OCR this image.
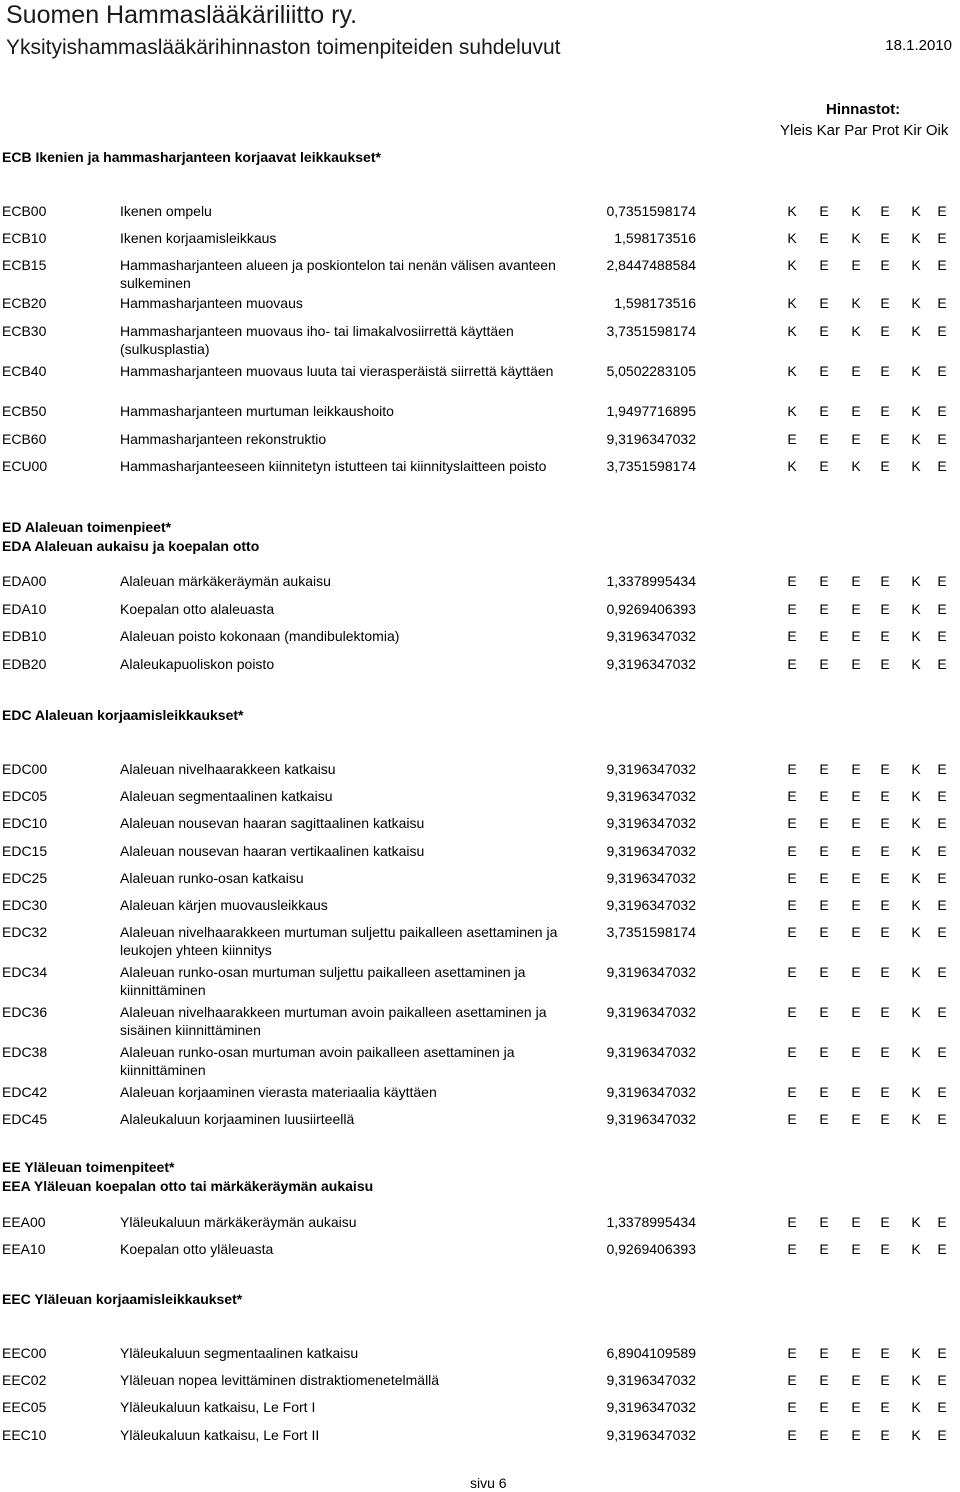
Suomen Hammaslääkäriliitto ry.
Yksityishammaslääkärihinnaston toimenpiteiden suhdeluvut	18.1.2010
Hinnastot:
Yleis Kar Par Prot Kir Oik
ECB Ikenien ja hammasharjanteen korjaavat leikkaukset*
ED Alaleuan toimenpieet*
EDA Alaleuan aukaisu ja koepalan otto
EDC Alaleuan korjaamisleikkaukset*
EE Yläleuan toimenpiteet*
EEA Yläleuan koepalan otto tai märkäkeräymän aukaisu
EEC Yläleuan korjaamisleikkaukset*
ECB00	Ikenen ompelu	0,7351598174	K E K E K E
ECB10	Ikenen korjaamisleikkaus	1,598173516	K E K E K E
ECB15	Hammasharjanteen alueen ja poskiontelon tai nenän välisen avanteen sulkeminen
2,8447488584	K E E E K E
ECB20	Hammasharjanteen muovaus	1,598173516	K E K E K E
ECB30	Hammasharjanteen muovaus iho- tai limakalvosiirrettä käyttäen (sulkusplastia)
3,7351598174	K E K E K E
ECB40	Hammasharjanteen muovaus luuta tai vierasperäistä siirrettä käyttäen	5,0502283105	K E E E K E
ECB50	Hammasharjanteen murtuman leikkaushoito	1,9497716895	K E E E K E
ECB60	Hammasharjanteen rekonstruktio	9,3196347032	E E E E K E
ECU00	Hammasharjanteeseen kiinnitetyn istutteen tai kiinnityslaitteen poisto	3,7351598174	K E K E K E
EDA00	Alaleuan märkäkeräymän aukaisu	1,3378995434	E E E E K E
EDA10	Koepalan otto alaleuasta	0,9269406393	E E E E K E
EDB10	Alaleuan poisto kokonaan (mandibulektomia)	9,3196347032	E E E E K E
EDB20	Alaleukapuoliskon poisto	9,3196347032	E E E E K E
EDC00	Alaleuan nivelhaarakkeen katkaisu	9,3196347032	E E E E K E
EDC05	Alaleuan segmentaalinen katkaisu	9,3196347032	E E E E K E
EDC10	Alaleuan nousevan haaran sagittaalinen katkaisu	9,3196347032	E E E E K E
EDC15	Alaleuan nousevan haaran vertikaalinen katkaisu	9,3196347032	E E E E K E
EDC25	Alaleuan runko-osan katkaisu	9,3196347032	E E E E K E
EDC30	Alaleuan kärjen muovausleikkaus	9,3196347032	E E E E K E
EDC32	Alaleuan nivelhaarakkeen murtuman suljettu paikalleen asettaminen ja leukojen yhteen kiinnitys
3,7351598174	E E E E K E
EDC34	Alaleuan runko-osan murtuman suljettu paikalleen asettaminen ja kiinnittäminen
9,3196347032	E E E E K E
EDC36	Alaleuan nivelhaarakkeen murtuman avoin paikalleen asettaminen ja sisäinen kiinnittäminen
9,3196347032	E E E E K E
EDC38	Alaleuan runko-osan murtuman avoin paikalleen asettaminen ja kiinnittäminen
9,3196347032	E E E E K E
EDC42	Alaleuan korjaaminen vierasta materiaalia käyttäen	9,3196347032	E E E E K E
EDC45	Alaleukaluun korjaaminen luusiirteellä	9,3196347032	E E E E K E
EEA00	Yläleukaluun märkäkeräymän aukaisu	1,3378995434	E E E E K E
EEA10	Koepalan otto yläleuasta	0,9269406393	E E E E K E
EEC00	Yläleukaluun segmentaalinen katkaisu	6,8904109589	E E E E K E
EEC02	Yläleuan nopea levittäminen distraktiomenetelmällä	9,3196347032	E E E E K E
EEC05	Yläleukaluun katkaisu, Le Fort I	9,3196347032	E E E E K E
EEC10	Yläleukaluun katkaisu, Le Fort II	9,3196347032	E E E E K E
sivu 6
